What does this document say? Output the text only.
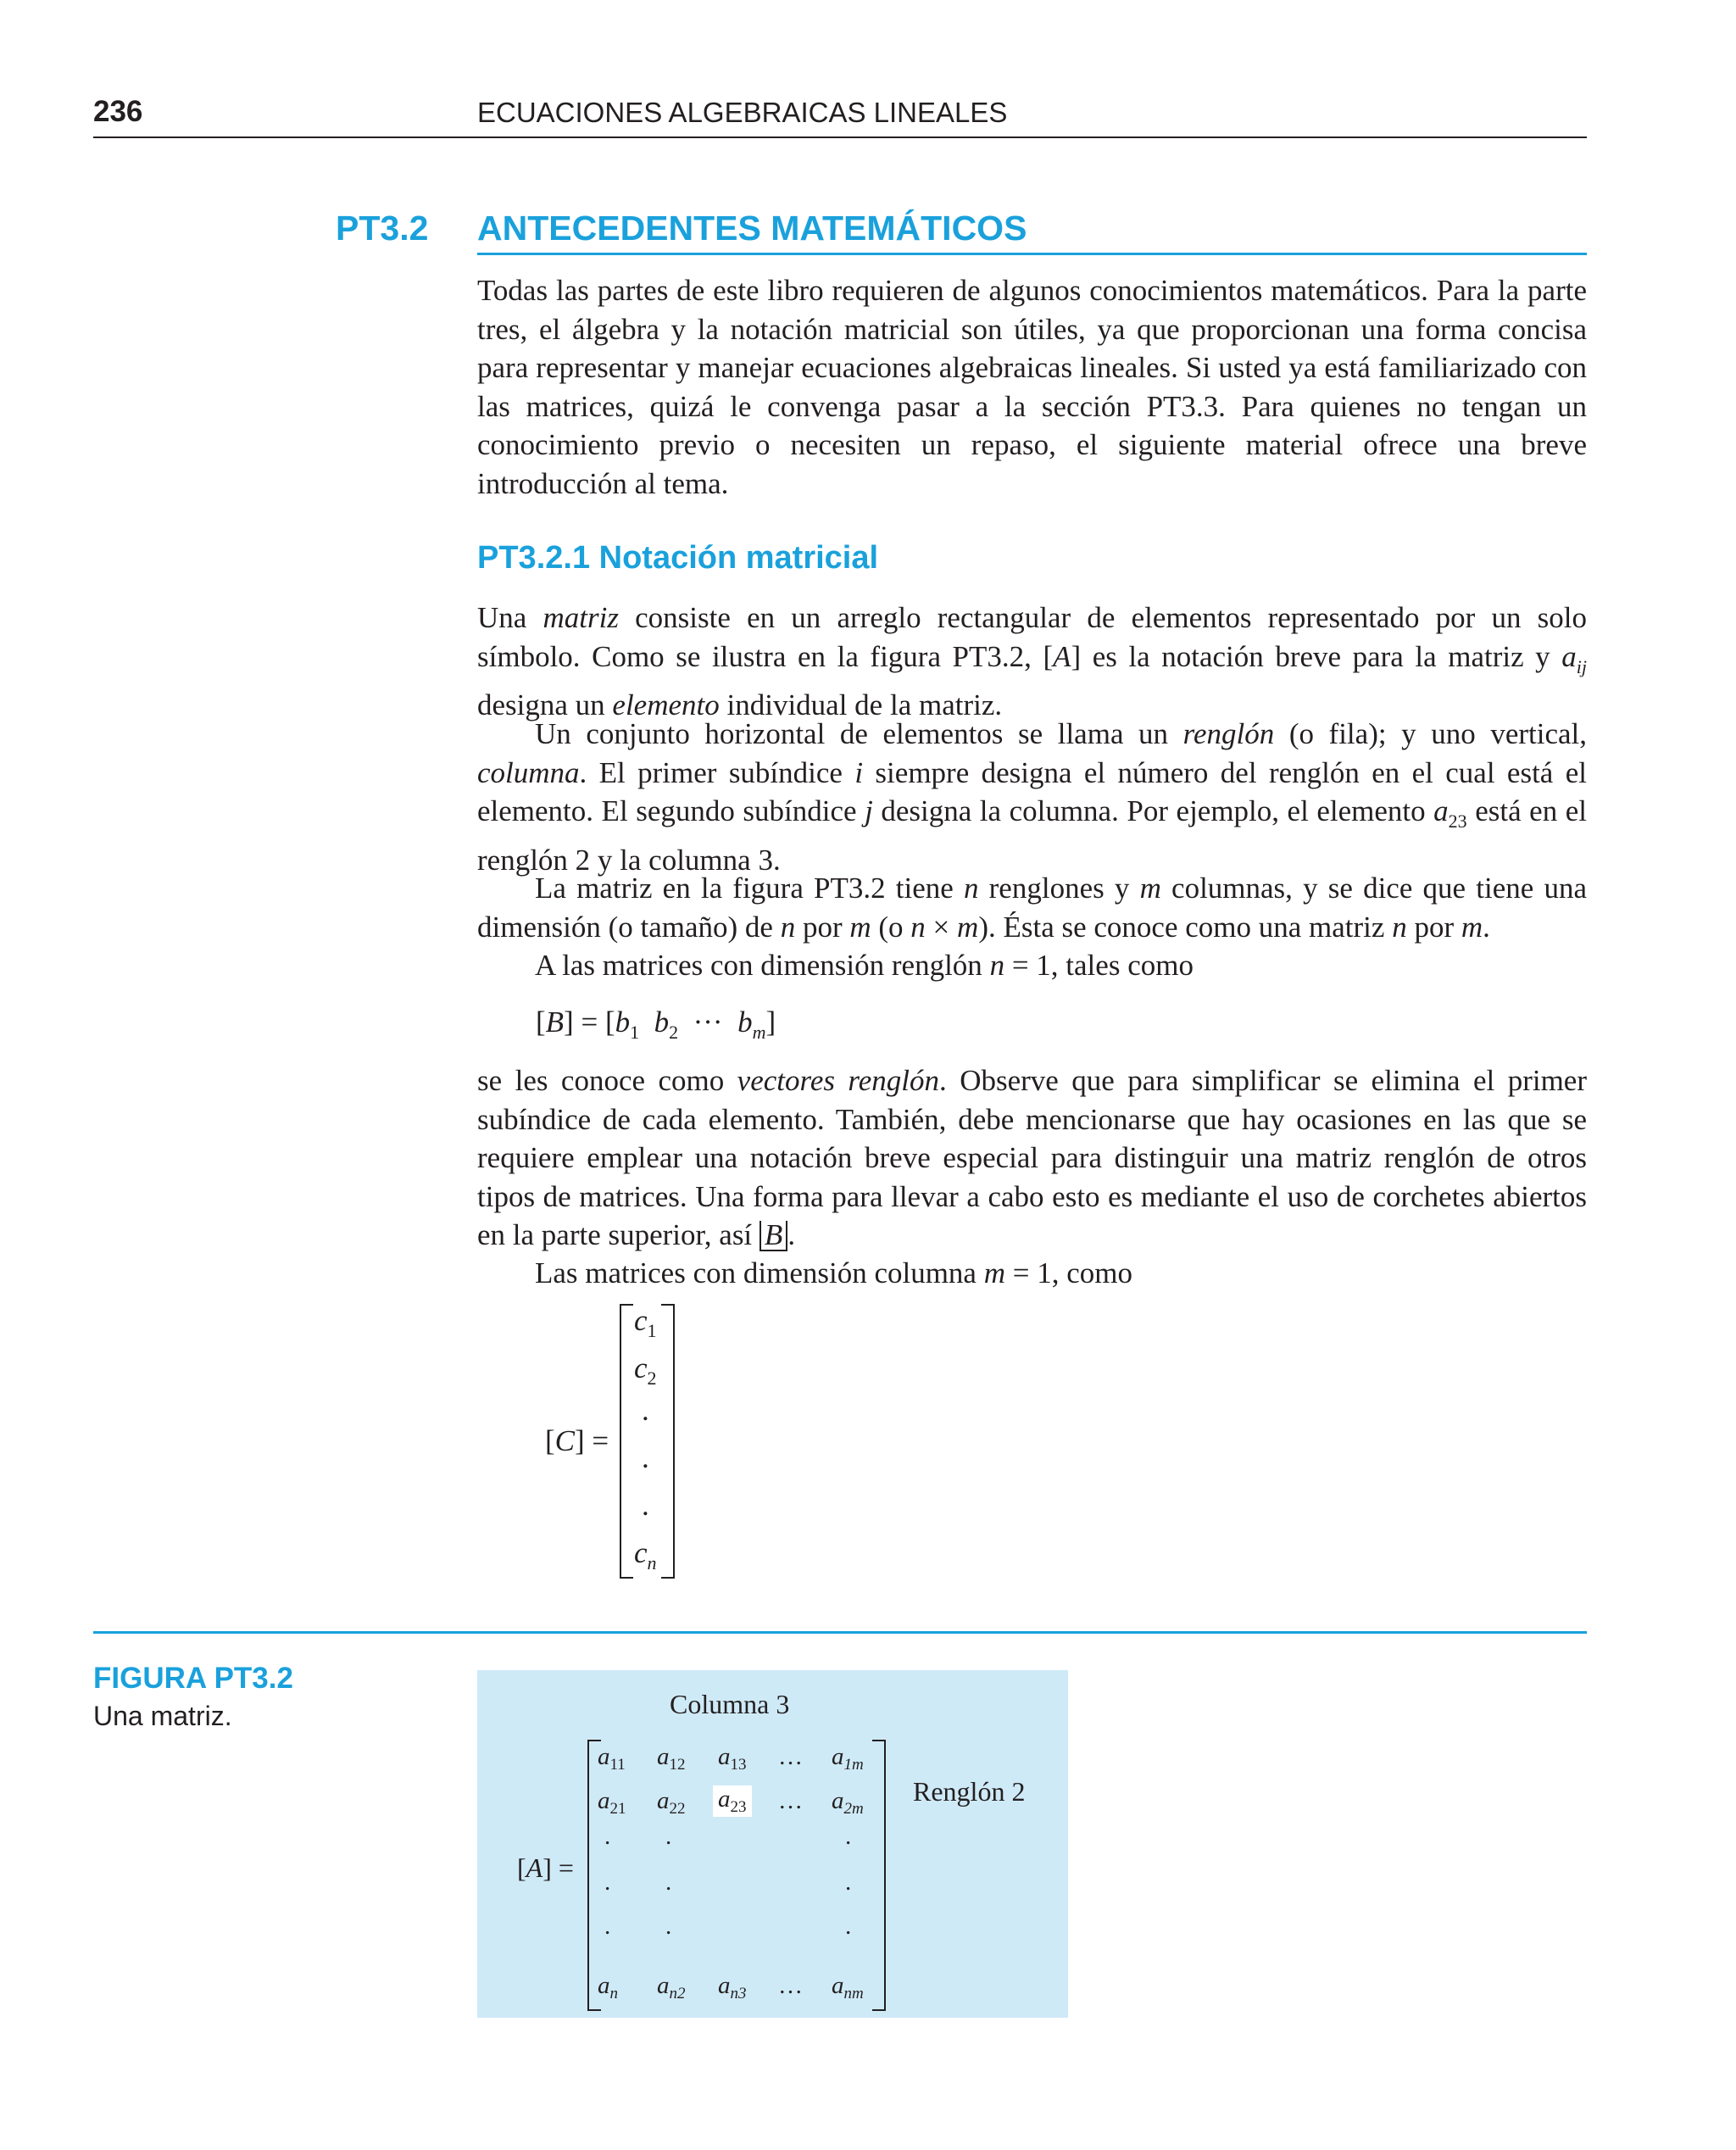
236	ECUACIONES ALGEBRAICAS LINEALES
PT3.2 ANTECEDENTES MATEMÁTICOS

Todas las partes de este libro requieren de algunos conocimientos matemáticos. Para la parte tres, el álgebra y la notación matricial son útiles, ya que proporcionan una forma concisa para representar y manejar ecuaciones algebraicas lineales. Si usted ya está familiarizado con las matrices, quizá le convenga pasar a la sección PT3.3. Para quienes no tengan un conocimiento previo o necesiten un repaso, el siguiente material ofrece una breve introducción al tema.

PT3.2.1 Notación matricial

Una matriz consiste en un arreglo rectangular de elementos representado por un solo símbolo. Como se ilustra en la figura PT3.2, [A] es la notación breve para la matriz y $a_{ij}$ designa un elemento individual de la matriz.

Un conjunto horizontal de elementos se llama un renglón (o fila); y uno vertical, columna. El primer subíndice i siempre designa el número del renglón en el cual está el elemento. El segundo subíndice j designa la columna. Por ejemplo, el elemento $a_{23}$ está en el renglón 2 y la columna 3.

La matriz en la figura PT3.2 tiene n renglones y m columnas, y se dice que tiene una dimensión (o tamaño) de n por m (o n × m). Ésta se conoce como una matriz n por m.

A las matrices con dimensión renglón n = 1, tales como

$[B] = [b_1$ $b_2$ ··· $b_m$]

se les conoce como vectores renglón. Observe que para simplificar se elimina el primer subíndice de cada elemento. También, debe mencionarse que hay ocasiones en las que se requiere emplear una notación breve especial para distinguir una matriz renglón de otros tipos de matrices. Una forma para llevar a cabo esto es mediante el uso de corchetes abiertos en la parte superior, así B .

Las matrices con dimensión columna m = 1, como

[C] =
$c_1$
$c_2$
.
.
.
$c_n$
FIGURA PT3.2
Una matriz.	Columna 3
Renglón 2
[A] =
$a_{11}$ $a_{12}$ $a_{13}$ … $a_{1m}$
$a_{21}$ $a_{22}$ $a_{23}$ … $a_{2m}$
. .	.
. .	.
. .	.
$a_n$ $a_{n2}$ $a_{n3}$ … $a_{nm}$
